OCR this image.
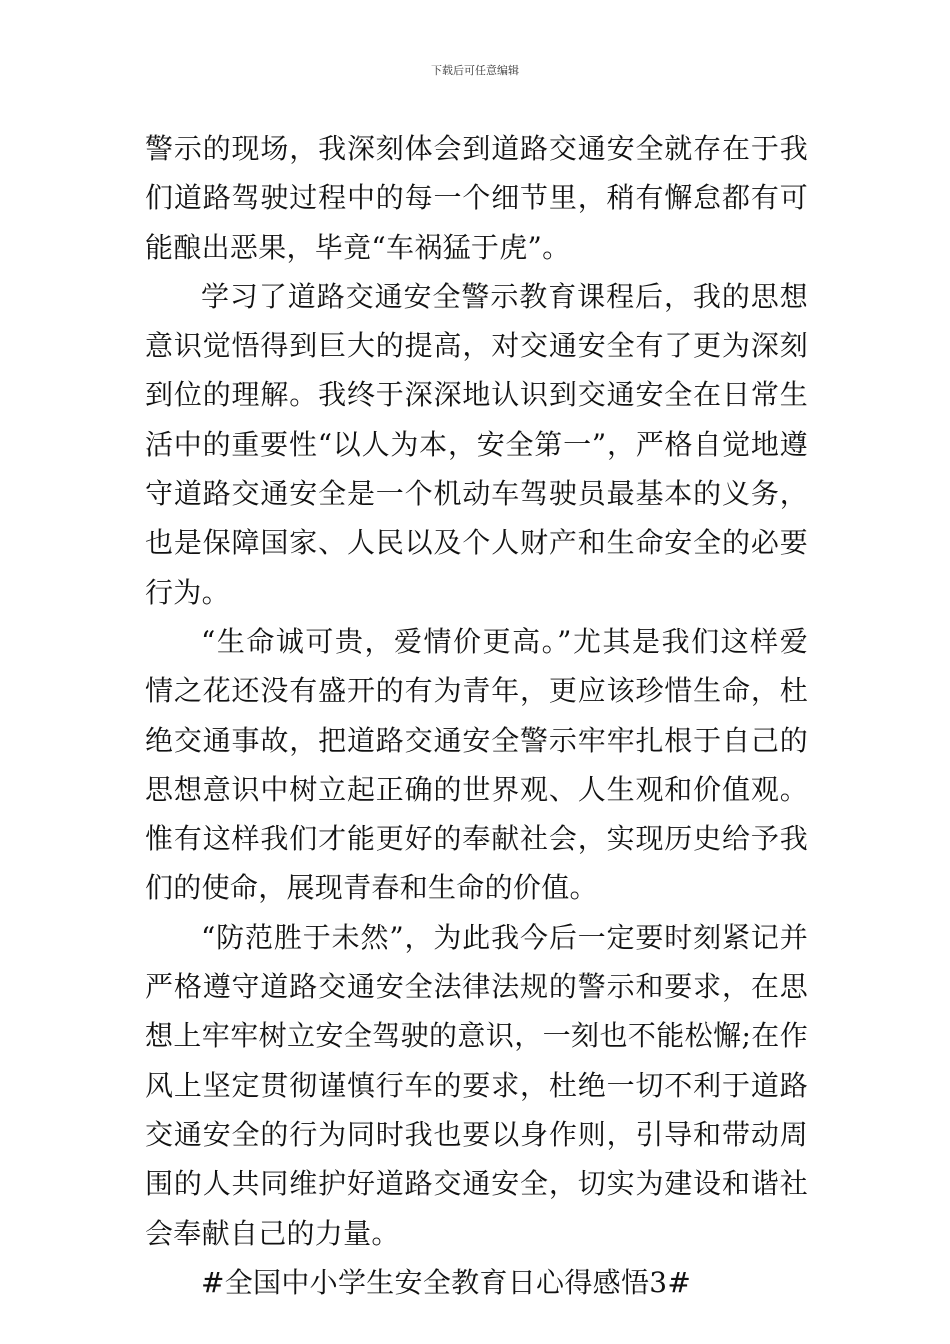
下载后可任意编辑

警示的现场，我深刻体会到道路交通安全就存在于我们道路驾驶过程中的每一个细节里，稍有懈怠都有可能酿出恶果，毕竟“车祸猛于虎”。

学习了道路交通安全警示教育课程后，我的思想意识觉悟得到巨大的提高，对交通安全有了更为深刻到位的理解。我终于深深地认识到交通安全在日常生活中的重要性“以人为本，安全第一”，严格自觉地遵守道路交通安全是一个机动车驾驶员最基本的义务，也是保障国家、人民以及个人财产和生命安全的必要行为。

“生命诚可贵，爱情价更高。”尤其是我们这样爱情之花还没有盛开的有为青年，更应该珍惜生命，杜绝交通事故，把道路交通安全警示牢牢扎根于自己的思想意识中树立起正确的世界观、人生观和价值观。惟有这样我们才能更好的奉献社会，实现历史给予我们的使命，展现青春和生命的价值。

“防范胜于未然”，为此我今后一定要时刻紧记并严格遵守道路交通安全法律法规的警示和要求，在思想上牢牢树立安全驾驶的意识，一刻也不能松懈;在作风上坚定贯彻谨慎行车的要求，杜绝一切不利于道路交通安全的行为同时我也要以身作则，引导和带动周围的人共同维护好道路交通安全，切实为建设和谐社会奉献自己的力量。

#全国中小学生安全教育日心得感悟3#
